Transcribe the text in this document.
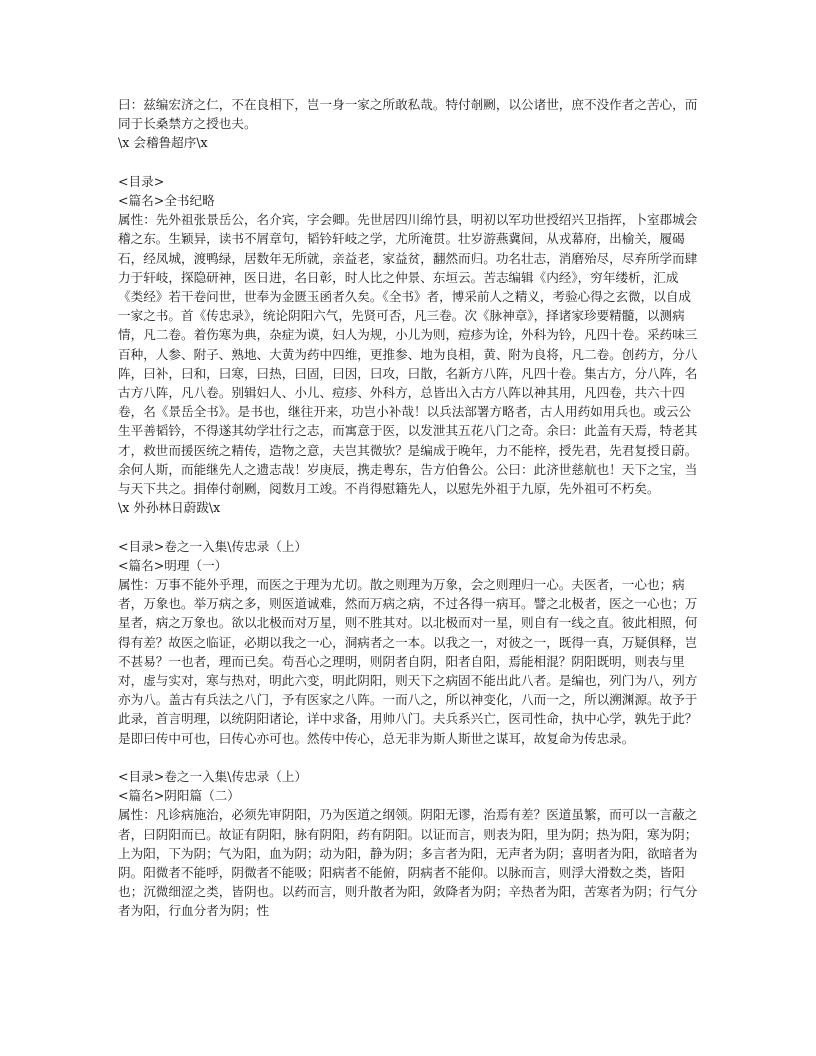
曰：兹编宏济之仁，不在良相下，岂一身一家之所敢私哉。特付剞劂，以公诸世，庶不没作者之苦心，而同于长桑禁方之授也夫。

\x 会稽鲁超序\x

<目录>

<篇名>全书纪略

属性：先外祖张景岳公，名介宾，字会卿。先世居四川绵竹县，明初以军功世授绍兴卫指挥，卜室郡城会稽之东。生颖异，读书不屑章句，韬钤轩岐之学，尤所淹贯。壮岁游燕冀间，从戎幕府，出榆关，履碣石，经凤城，渡鸭绿，居数年无所就，亲益老，家益贫，翻然而归。功名壮志，消磨殆尽，尽弃所学而肆力于轩岐，探隐研神，医日进，名日彰，时人比之仲景、东垣云。苦志编辑《内经》，穷年缕析，汇成《类经》若干卷问世，世奉为金匮玉函者久矣。《全书》者，博采前人之精义，考验心得之玄微，以自成一家之书。首《传忠录》，统论阴阳六气，先贤可否，凡三卷。次《脉神章》，择诸家珍要精髓，以测病情，凡二卷。着伤寒为典，杂症为谟，妇人为规，小儿为则，痘疹为诠，外科为钤，凡四十卷。采药味三百种，人参、附子、熟地、大黄为药中四维，更推参、地为良相，黄、附为良将，凡二卷。创药方，分八阵，曰补，曰和，曰寒，曰热，曰固，曰因，曰攻，曰散，名新方八阵，凡四十卷。集古方，分八阵，名古方八阵，凡八卷。别辑妇人、小儿、痘疹、外科方，总皆出入古方八阵以神其用，凡四卷，共六十四卷，名《景岳全书》。是书也，继往开来，功岂小补哉！以兵法部署方略者，古人用药如用兵也。或云公生平善韬钤，不得遂其幼学壮行之志，而寓意于医，以发泄其五花八门之奇。余曰：此盖有天焉，特老其才，救世而援医统之精传，造物之意，夫岂其微欤？是编成于晚年，力不能梓，授先君，先君复授日蔚。余何人斯，而能继先人之遗志哉！岁庚辰，携走粤东，告方伯鲁公。公曰：此济世慈航也！天下之宝，当与天下共之。捐俸付剞劂，阅数月工竣。不肖得慰籍先人，以慰先外祖于九原，先外祖可不朽矣。

\x 外孙林日蔚跋\x

<目录>卷之一入集\传忠录（上）

<篇名>明理（一）

属性：万事不能外乎理，而医之于理为尤切。散之则理为万象，会之则理归一心。夫医者，一心也；病者，万象也。举万病之多，则医道诚难，然而万病之病，不过各得一病耳。譬之北极者，医之一心也；万星者，病之万象也。欲以北极而对万星，则不胜其对。以北极而对一星，则自有一线之直。彼此相照，何得有差？故医之临证，必期以我之一心，洞病者之一本。以我之一，对彼之一，既得一真，万疑俱释，岂不甚易？一也者，理而已矣。苟吾心之理明，则阴者自阴，阳者自阳，焉能相混？阴阳既明，则表与里对，虚与实对，寒与热对，明此六变，明此阴阳，则天下之病固不能出此八者。是编也，列门为八，列方亦为八。盖古有兵法之八门，予有医家之八阵。一而八之，所以神变化，八而一之，所以溯渊源。故予于此录，首言明理，以统阴阳诸论，详中求备，用帅八门。夫兵系兴亡，医司性命，执中心学，孰先于此？是即曰传中可也，曰传心亦可也。然传中传心，总无非为斯人斯世之谋耳，故复命为传忠录。

<目录>卷之一入集\传忠录（上）

<篇名>阴阳篇（二）

属性：凡诊病施治，必须先审阴阳，乃为医道之纲领。阴阳无谬，治焉有差？医道虽繁，而可以一言蔽之者，曰阴阳而已。故证有阴阳，脉有阴阳，药有阴阳。以证而言，则表为阳，里为阴；热为阳，寒为阴；上为阳，下为阴；气为阳，血为阴；动为阳，静为阴；多言者为阳，无声者为阴；喜明者为阳，欲暗者为阴。阳微者不能呼，阴微者不能吸；阳病者不能俯，阴病者不能仰。以脉而言，则浮大滑数之类，皆阳也；沉微细涩之类，皆阴也。以药而言，则升散者为阳，敛降者为阴；辛热者为阳，苦寒者为阴；行气分者为阳，行血分者为阴；性
